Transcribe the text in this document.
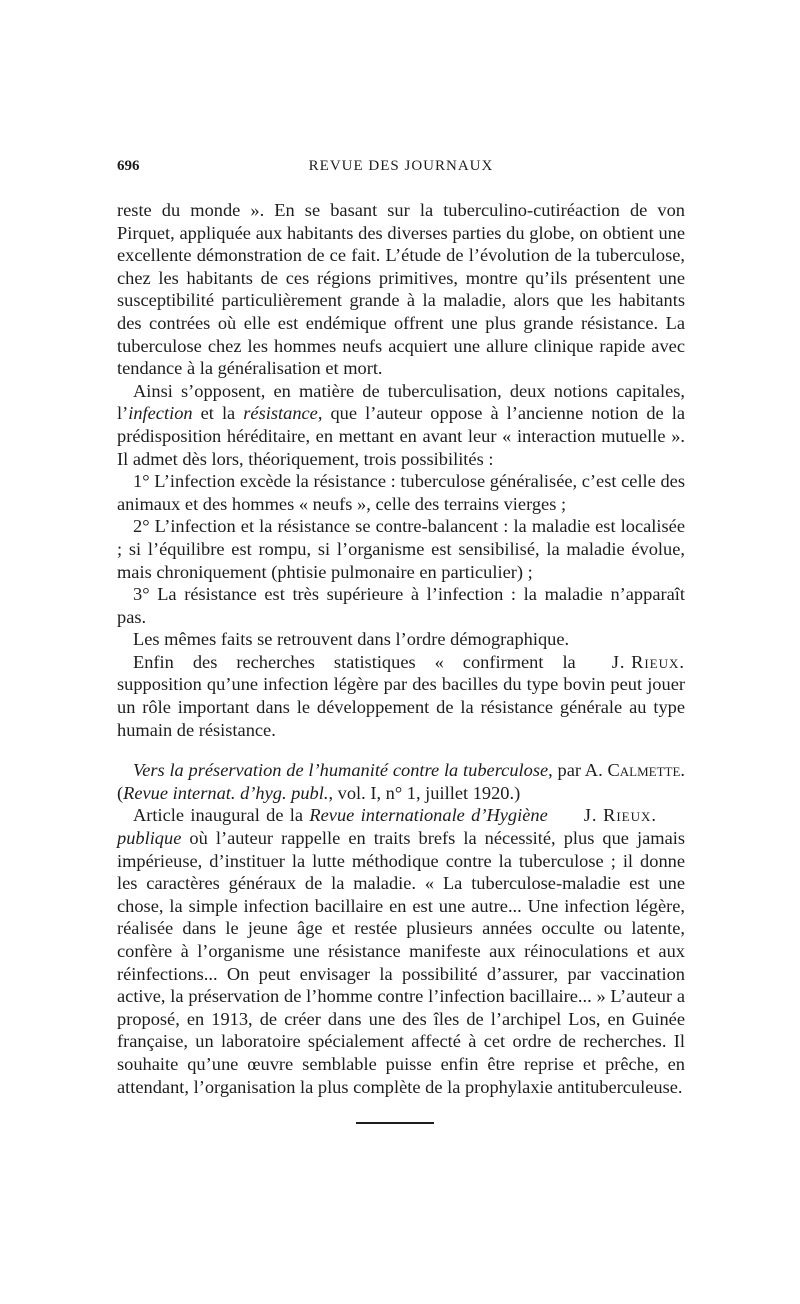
696	REVUE DES JOURNAUX

reste du monde ». En se basant sur la tuberculino-cutiréaction de von Pirquet, appliquée aux habitants des diverses parties du globe, on obtient une excellente démonstration de ce fait. L’étude de l’évolution de la tuberculose, chez les habitants de ces régions primitives, montre qu’ils présentent une susceptibilité particulièrement grande à la maladie, alors que les habitants des contrées où elle est endémique offrent une plus grande résistance. La tuberculose chez les hommes neufs acquiert une allure clinique rapide avec tendance à la généralisation et mort.

Ainsi s’opposent, en matière de tuberculisation, deux notions capitales, l’infection et la résistance, que l’auteur oppose à l’ancienne notion de la prédisposition héréditaire, en mettant en avant leur « interaction mutuelle ». Il admet dès lors, théoriquement, trois possibilités :

1° L’infection excède la résistance : tuberculose généralisée, c’est celle des animaux et des hommes « neufs », celle des terrains vierges ;

2° L’infection et la résistance se contre-balancent : la maladie est localisée ; si l’équilibre est rompu, si l’organisme est sensibilisé, la maladie évolue, mais chroniquement (phtisie pulmonaire en particulier) ;

3° La résistance est très supérieure à l’infection : la maladie n’apparaît pas.

Les mêmes faits se retrouvent dans l’ordre démographique.

J. Rieux.
Enfin des recherches statistiques « confirment la supposition qu’une infection légère par des bacilles du type bovin peut jouer un rôle important dans le développement de la résistance générale au type humain de résistance.

Vers la préservation de l’humanité contre la tuberculose, par A. Calmette. (Revue internat. d’hyg. publ., vol. I, n° 1, juillet 1920.)

J. Rieux.
Article inaugural de la Revue internationale d’Hygiène publique où l’auteur rappelle en traits brefs la nécessité, plus que jamais impérieuse, d’instituer la lutte méthodique contre la tuberculose ; il donne les caractères généraux de la maladie. « La tuberculose-maladie est une chose, la simple infection bacillaire en est une autre... Une infection légère, réalisée dans le jeune âge et restée plusieurs années occulte ou latente, confère à l’organisme une résistance manifeste aux réinoculations et aux réinfections... On peut envisager la possibilité d’assurer, par vaccination active, la préservation de l’homme contre l’infection bacillaire... » L’auteur a proposé, en 1913, de créer dans une des îles de l’archipel Los, en Guinée française, un laboratoire spécialement affecté à cet ordre de recherches. Il souhaite qu’une œuvre semblable puisse enfin être reprise et prêche, en attendant, l’organisation la plus complète de la prophylaxie antituberculeuse.
